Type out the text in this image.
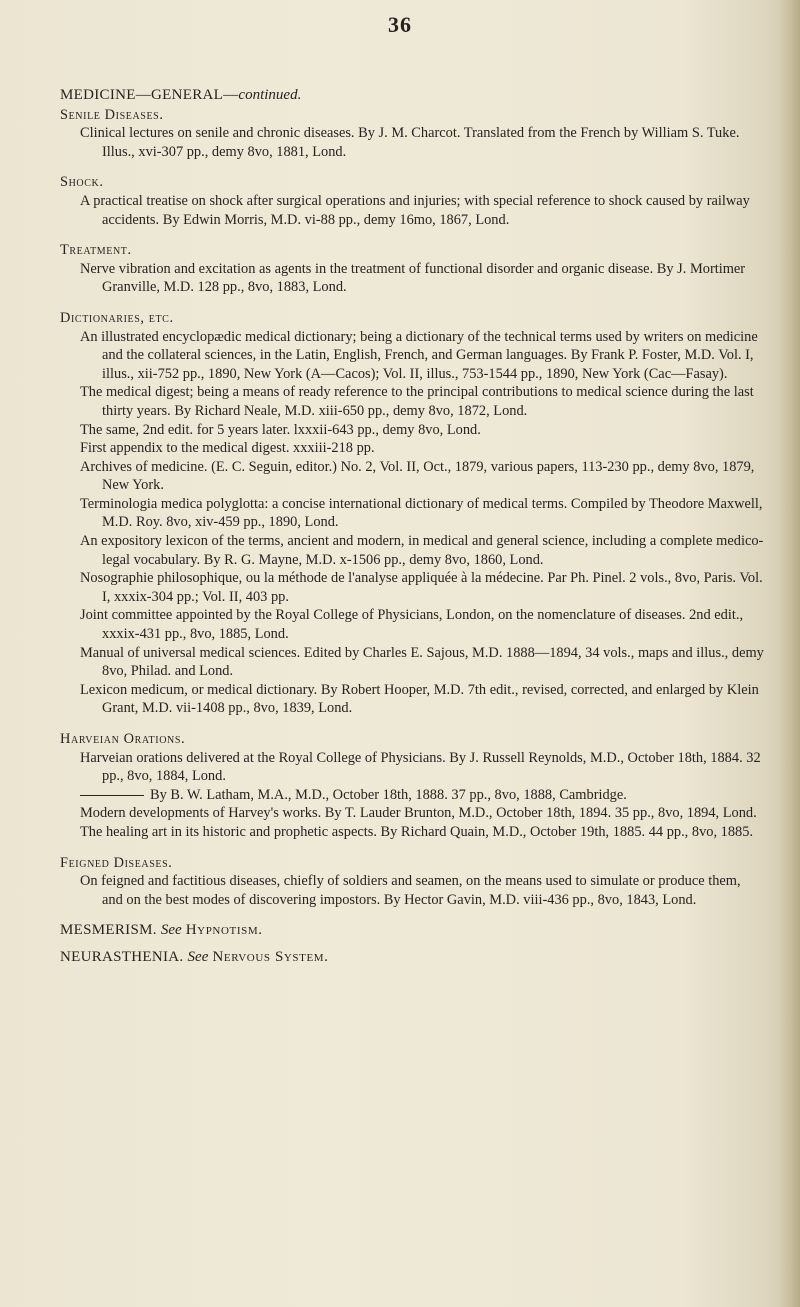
36
MEDICINE—GENERAL—continued.
Senile Diseases.

Clinical lectures on senile and chronic diseases. By J. M. Charcot. Translated from the French by William S. Tuke. Illus., xvi-307 pp., demy 8vo, 1881, Lond.

Shock.

A practical treatise on shock after surgical operations and injuries; with special reference to shock caused by railway accidents. By Edwin Morris, M.D. vi-88 pp., demy 16mo, 1867, Lond.

Treatment.

Nerve vibration and excitation as agents in the treatment of functional disorder and organic disease. By J. Mortimer Granville, M.D. 128 pp., 8vo, 1883, Lond.

Dictionaries, etc.

An illustrated encyclopædic medical dictionary; being a dictionary of the technical terms used by writers on medicine and the collateral sciences, in the Latin, English, French, and German languages. By Frank P. Foster, M.D. Vol. I, illus., xii-752 pp., 1890, New York (A—Cacos); Vol. II, illus., 753-1544 pp., 1890, New York (Cac—Fasay).

The medical digest; being a means of ready reference to the principal contributions to medical science during the last thirty years. By Richard Neale, M.D. xiii-650 pp., demy 8vo, 1872, Lond.

The same, 2nd edit. for 5 years later. lxxxii-643 pp., demy 8vo, Lond.

First appendix to the medical digest. xxxiii-218 pp.

Archives of medicine. (E. C. Seguin, editor.) No. 2, Vol. II, Oct., 1879, various papers, 113-230 pp., demy 8vo, 1879, New York.

Terminologia medica polyglotta: a concise international dictionary of medical terms. Compiled by Theodore Maxwell, M.D. Roy. 8vo, xiv-459 pp., 1890, Lond.

An expository lexicon of the terms, ancient and modern, in medical and general science, including a complete medico-legal vocabulary. By R. G. Mayne, M.D. x-1506 pp., demy 8vo, 1860, Lond.

Nosographie philosophique, ou la méthode de l'analyse appliquée à la médecine. Par Ph. Pinel. 2 vols., 8vo, Paris. Vol. I, xxxix-304 pp.; Vol. II, 403 pp.

Joint committee appointed by the Royal College of Physicians, London, on the nomenclature of diseases. 2nd edit., xxxix-431 pp., 8vo, 1885, Lond.

Manual of universal medical sciences. Edited by Charles E. Sajous, M.D. 1888—1894, 34 vols., maps and illus., demy 8vo, Philad. and Lond.

Lexicon medicum, or medical dictionary. By Robert Hooper, M.D. 7th edit., revised, corrected, and enlarged by Klein Grant, M.D. vii-1408 pp., 8vo, 1839, Lond.

Harveian Orations.

Harveian orations delivered at the Royal College of Physicians. By J. Russell Reynolds, M.D., October 18th, 1884. 32 pp., 8vo, 1884, Lond.

By B. W. Latham, M.A., M.D., October 18th, 1888. 37 pp., 8vo, 1888, Cambridge.

Modern developments of Harvey's works. By T. Lauder Brunton, M.D., October 18th, 1894. 35 pp., 8vo, 1894, Lond.

The healing art in its historic and prophetic aspects. By Richard Quain, M.D., October 19th, 1885. 44 pp., 8vo, 1885.

Feigned Diseases.

On feigned and factitious diseases, chiefly of soldiers and seamen, on the means used to simulate or produce them, and on the best modes of discovering impostors. By Hector Gavin, M.D. viii-436 pp., 8vo, 1843, Lond.

MESMERISM. See Hypnotism.
NEURASTHENIA. See Nervous System.
